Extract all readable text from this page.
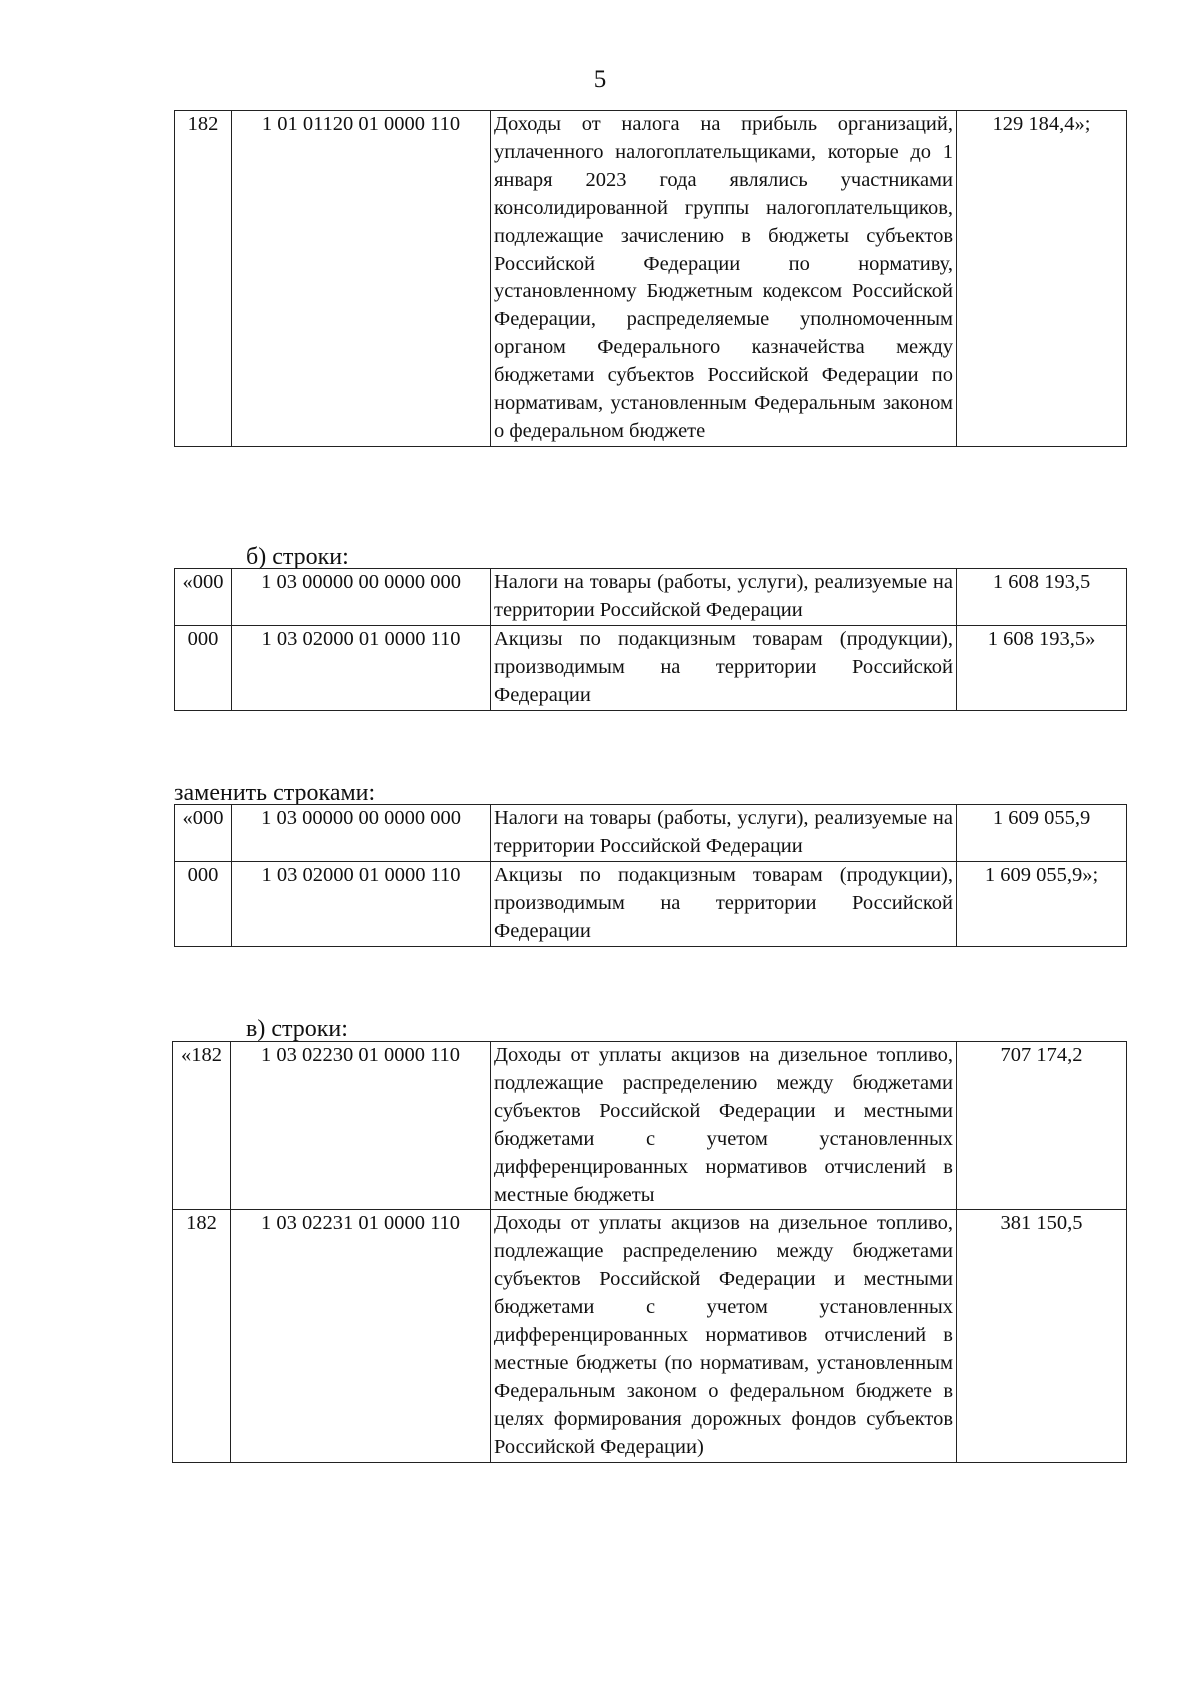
5
182	1 01 01120 01 0000 110	Доходы от налога на прибыль организаций, уплаченного налогоплательщиками, которые до 1 января 2023 года являлись участниками консолидированной группы налогоплательщиков, подлежащие зачислению в бюджеты субъектов Российской Федерации по нормативу, установленному Бюджетным кодексом Российской Федерации, распределяемые уполномоченным органом Федерального казначейства между бюджетами субъектов Российской Федерации по нормативам, установленным Федеральным законом о федеральном бюджете	129 184,4»;

б) строки:

«000	1 03 00000 00 0000 000	Налоги на товары (работы, услуги), реализуемые на территории Российской Федерации	1 608 193,5
000	1 03 02000 01 0000 110	Акцизы по подакцизным товарам (продукции), производимым на территории Российской Федерации	1 608 193,5»

заменить строками:

«000	1 03 00000 00 0000 000	Налоги на товары (работы, услуги), реализуемые на территории Российской Федерации	1 609 055,9
000	1 03 02000 01 0000 110	Акцизы по подакцизным товарам (продукции), производимым на территории Российской Федерации	1 609 055,9»;

в) строки:

«182	1 03 02230 01 0000 110	Доходы от уплаты акцизов на дизельное топливо, подлежащие распределению между бюджетами субъектов Российской Федерации и местными бюджетами с учетом установленных дифференцированных нормативов отчислений в местные бюджеты	707 174,2
182	1 03 02231 01 0000 110	Доходы от уплаты акцизов на дизельное топливо, подлежащие распределению между бюджетами субъектов Российской Федерации и местными бюджетами с учетом установленных дифференцированных нормативов отчислений в местные бюджеты (по нормативам, установленным Федеральным законом о федеральном бюджете в целях формирования дорожных фондов субъектов Российской Федерации)	381 150,5
